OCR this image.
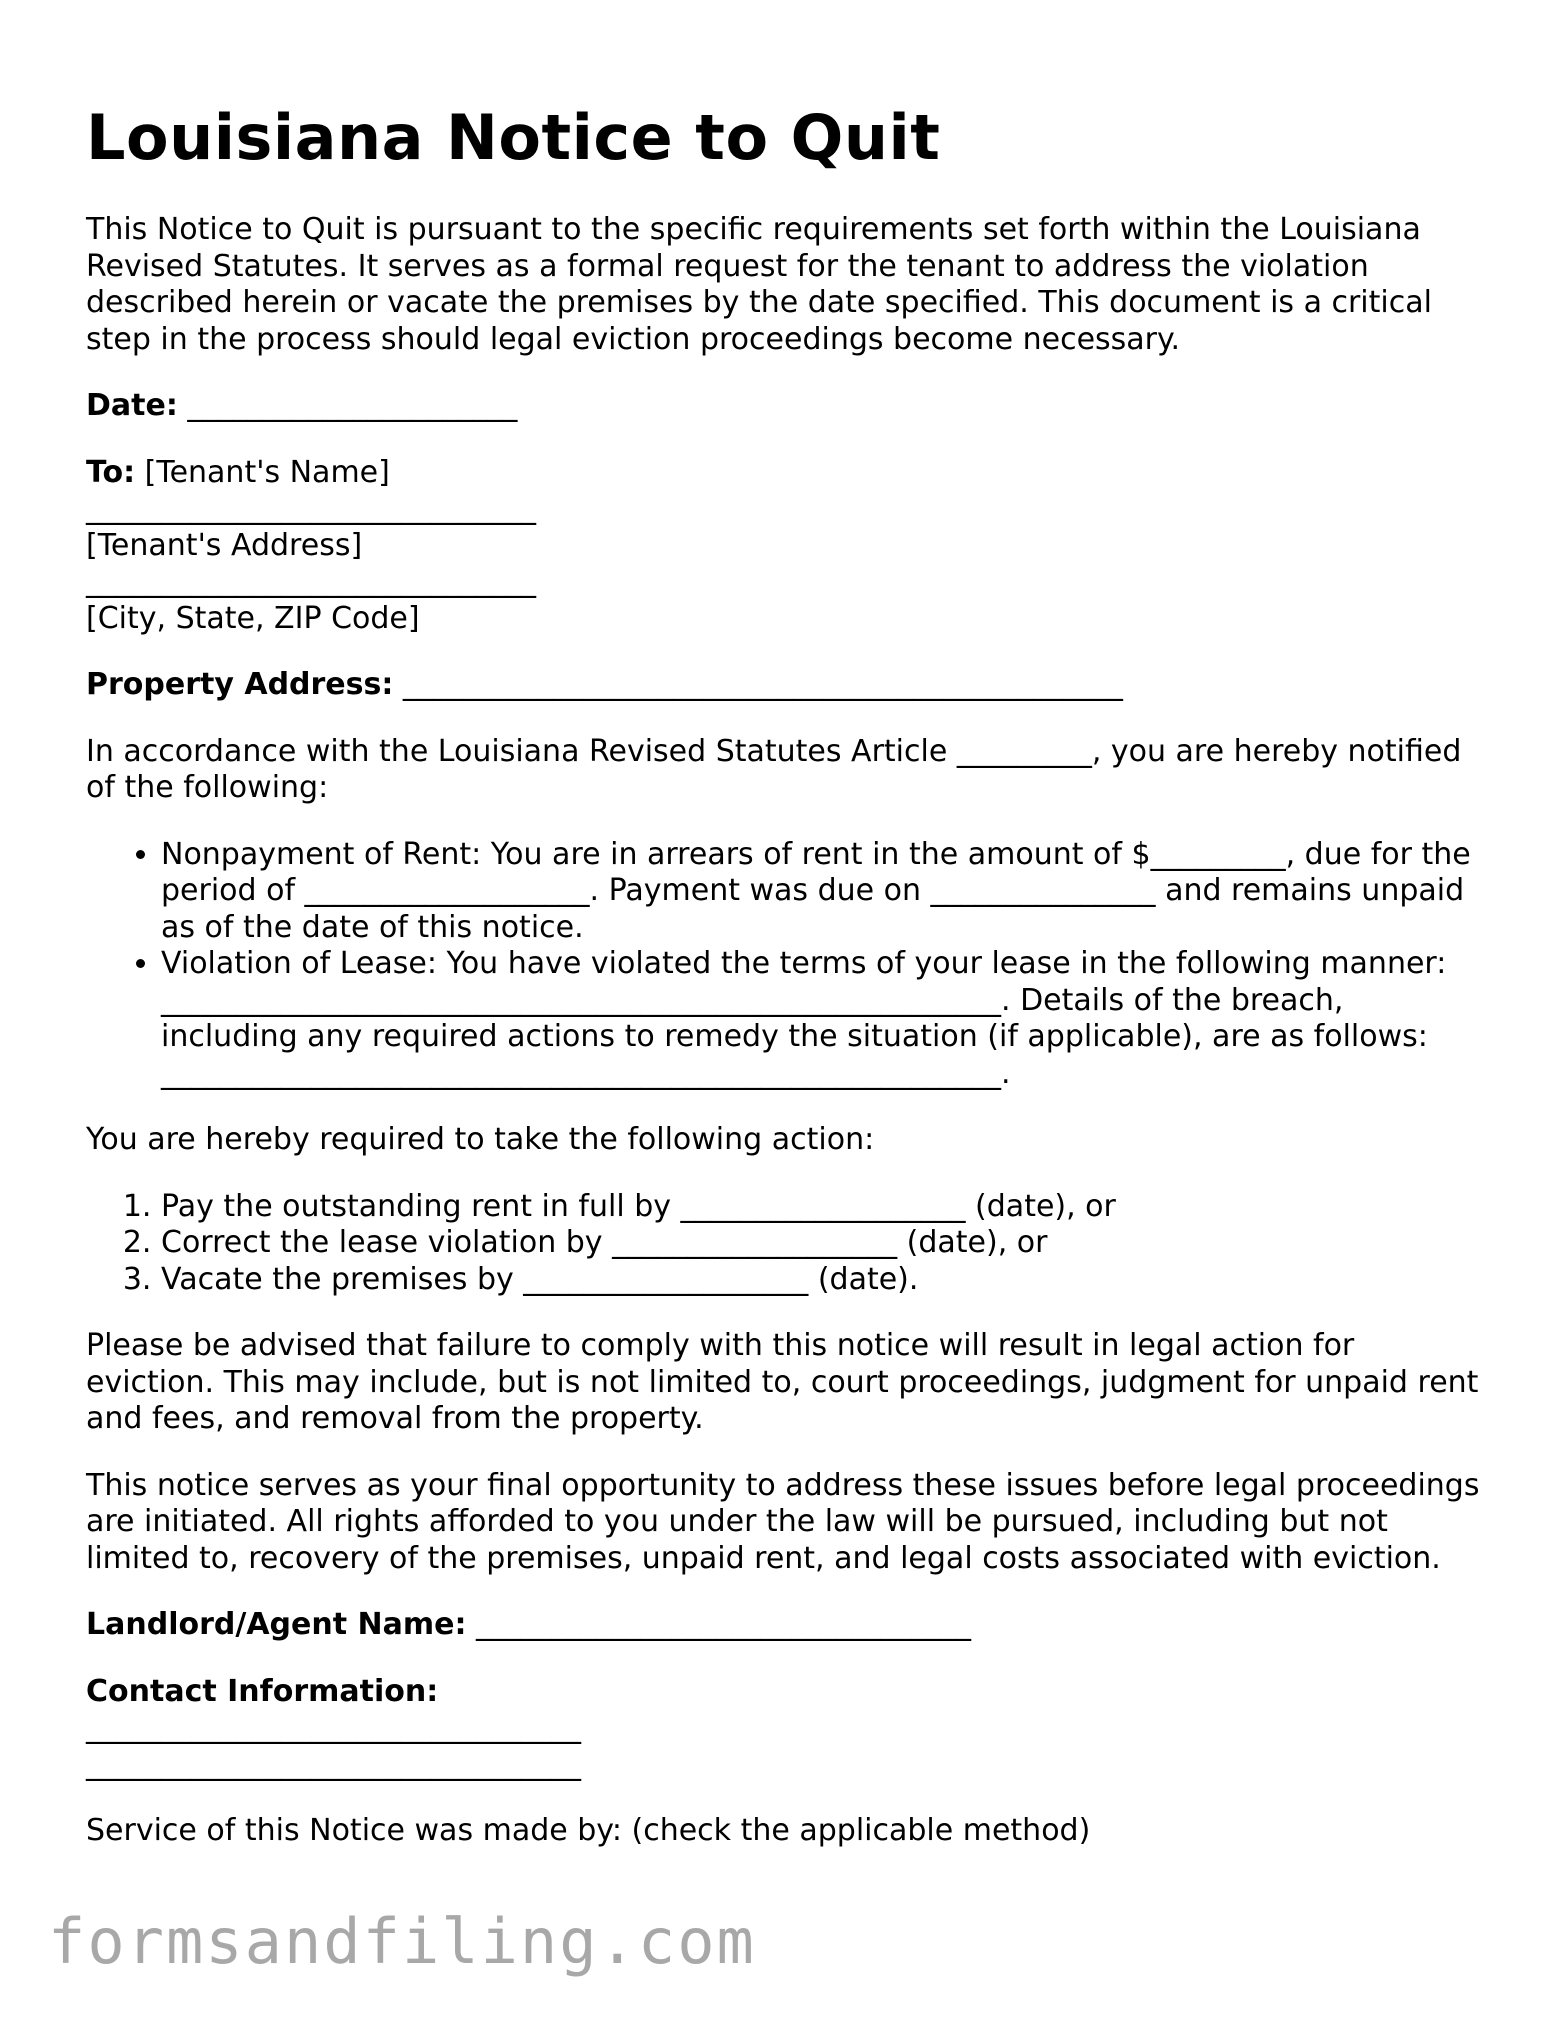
Louisiana Notice to Quit

This Notice to Quit is pursuant to the specific requirements set forth within the Louisiana Revised Statutes. It serves as a formal request for the tenant to address the violation described herein or vacate the premises by the date specified. This document is a critical step in the process should legal eviction proceedings become necessary.

Date: ______________________

To: [Tenant's Name]

______________________________

[Tenant's Address]

______________________________

[City, State, ZIP Code]

Property Address: ________________________________________________

In accordance with the Louisiana Revised Statutes Article _________, you are hereby notified of the following:

• Nonpayment of Rent: You are in arrears of rent in the amount of $_________, due for the period of ___________________. Payment was due on _______________ and remains unpaid as of the date of this notice.
• Violation of Lease: You have violated the terms of your lease in the following manner: ________________________________________________________. Details of the breach, including any required actions to remedy the situation (if applicable), are as follows: ________________________________________________________.

You are hereby required to take the following action:

1. Pay the outstanding rent in full by ___________________ (date), or
2. Correct the lease violation by ___________________ (date), or
3. Vacate the premises by ___________________ (date).

Please be advised that failure to comply with this notice will result in legal action for eviction. This may include, but is not limited to, court proceedings, judgment for unpaid rent and fees, and removal from the property.

This notice serves as your final opportunity to address these issues before legal proceedings are initiated. All rights afforded to you under the law will be pursued, including but not limited to, recovery of the premises, unpaid rent, and legal costs associated with eviction.

Landlord/Agent Name: _________________________________

Contact Information:

_________________________________

_________________________________

Service of this Notice was made by: (check the applicable method)

formsandfiling.com
